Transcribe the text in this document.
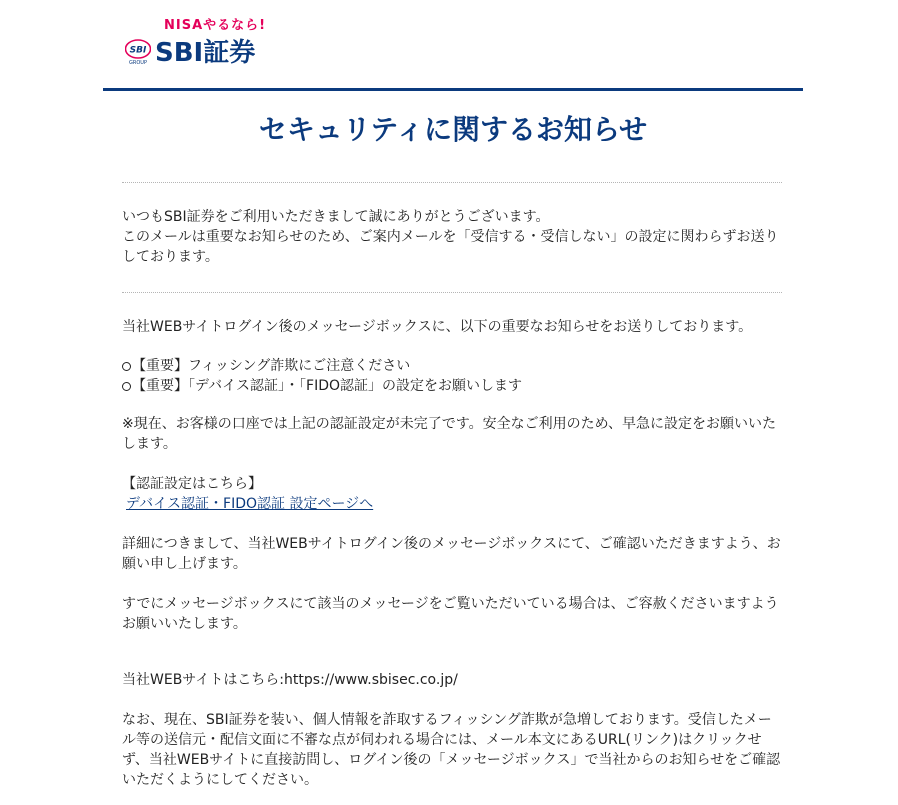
NISAやるなら!
SBI
GROUP SBI証券
セキュリティに関するお知らせ
いつもSBI証券をご利用いただきまして誠にありがとうございます。
このメールは重要なお知らせのため、ご案内メールを「受信する・受信しない」の設定に関わらずお送りしております。

当社WEBサイトログイン後のメッセージボックスに、以下の重要なお知らせをお送りしております。

【重要】フィッシング詐欺にご注意ください
【重要】「デバイス認証」・「FIDO認証」の設定をお願いします

※現在、お客様の口座では上記の認証設定が未完了です。安全なご利用のため、早急に設定をお願いいたします。

【認証設定はこちら】

デバイス認証・FIDO認証 設定ページへ

詳細につきまして、当社WEBサイトログイン後のメッセージボックスにて、ご確認いただきますよう、お願い申し上げます。

すでにメッセージボックスにて該当のメッセージをご覧いただいている場合は、ご容赦くださいますようお願いいたします。

当社WEBサイトはこちら:https://www.sbisec.co.jp/

なお、現在、SBI証券を装い、個人情報を詐取するフィッシング詐欺が急増しております。受信したメール等の送信元・配信文面に不審な点が伺われる場合には、メール本文にあるURL(リンク)はクリックせず、当社WEBサイトに直接訪問し、ログイン後の「メッセージボックス」で当社からのお知らせをご確認いただくようにしてください。
